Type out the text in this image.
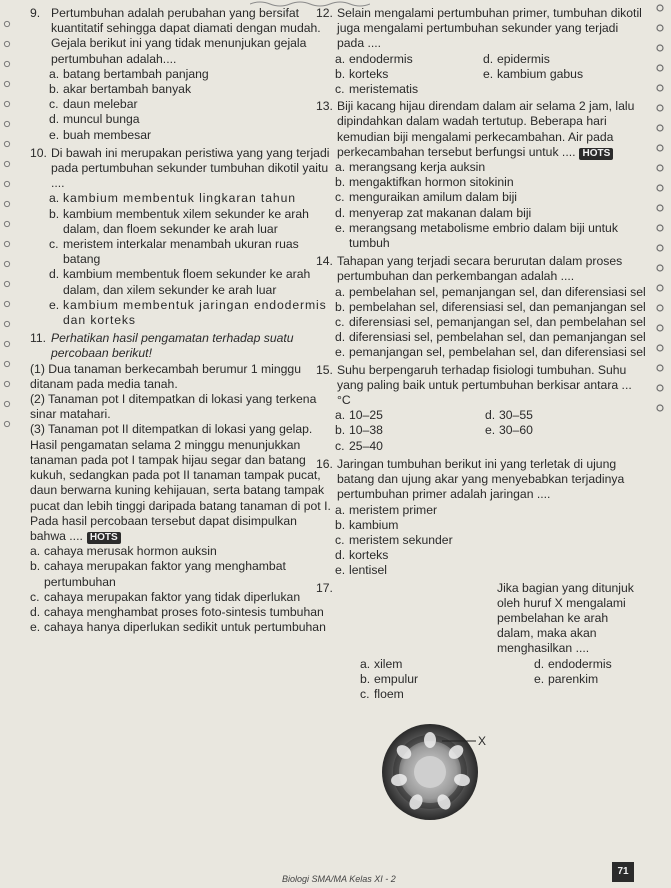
9. Pertumbuhan adalah perubahan yang bersifat kuantitatif sehingga dapat diamati dengan mudah. Gejala berikut ini yang tidak menunjukan gejala pertumbuhan adalah....
a. batang bertambah panjang
b. akar bertambah banyak
c. daun melebar
d. muncul bunga
e. buah membesar
10. Di bawah ini merupakan peristiwa yang yang terjadi pada pertumbuhan sekunder tumbuhan dikotil yaitu ....
a. kambium membentuk lingkaran tahun
b. kambium membentuk xilem sekunder ke arah dalam, dan floem sekunder ke arah luar
c. meristem interkalar menambah ukuran ruas batang
d. kambium membentuk floem sekunder ke arah dalam, dan xilem sekunder ke arah luar
e. kambium membentuk jaringan endodermis dan korteks
11. Perhatikan hasil pengamatan terhadap suatu percobaan berikut!
(1) Dua tanaman berkecambah berumur 1 minggu ditanam pada media tanah.
(2) Tanaman pot I ditempatkan di lokasi yang terkena sinar matahari.
(3) Tanaman pot II ditempatkan di lokasi yang gelap.
Hasil pengamatan selama 2 minggu menunjukkan tanaman pada pot I tampak hijau segar dan batang kukuh, sedangkan pada pot II tanaman tampak pucat, daun berwarna kuning kehijauan, serta batang tampak pucat dan lebih tinggi daripada batang tanaman di pot I. Pada hasil percobaan tersebut dapat disimpulkan bahwa .... HOTS
a. cahaya merusak hormon auksin
b. cahaya merupakan faktor yang menghambat pertumbuhan
c. cahaya merupakan faktor yang tidak diperlukan
d. cahaya menghambat proses foto-sintesis tumbuhan
e. cahaya hanya diperlukan sedikit untuk pertumbuhan
12. Selain mengalami pertumbuhan primer, tumbuhan dikotil juga mengalami pertumbuhan sekunder yang terjadi pada ....
a. endodermis	d. epidermis
b. korteks	e. kambium gabus
c. meristematis
13. Biji kacang hijau direndam dalam air selama 2 jam, lalu dipindahkan dalam wadah tertutup. Beberapa hari kemudian biji mengalami perkecambahan. Air pada perkecambahan tersebut berfungsi untuk .... HOTS
a. merangsang kerja auksin
b. mengaktifkan hormon sitokinin
c. menguraikan amilum dalam biji
d. menyerap zat makanan dalam biji
e. merangsang metabolisme embrio dalam biji untuk tumbuh
14. Tahapan yang terjadi secara berurutan dalam proses pertumbuhan dan perkembangan adalah ....
a. pembelahan sel, pemanjangan sel, dan diferensiasi sel
b. pembelahan sel, diferensiasi sel, dan pemanjangan sel
c. diferensiasi sel, pemanjangan sel, dan pembelahan sel
d. diferensiasi sel, pembelahan sel, dan pemanjangan sel
e. pemanjangan sel, pembelahan sel, dan diferensiasi sel
15. Suhu berpengaruh terhadap fisiologi tumbuhan. Suhu yang paling baik untuk pertumbuhan berkisar antara ... °C
a. 10–25	d. 30–55
b. 10–38	e. 30–60
c. 25–40
16. Jaringan tumbuhan berikut ini yang terletak di ujung batang dan ujung akar yang menyebabkan terjadinya pertumbuhan primer adalah jaringan ....
a. meristem primer
b. kambium
c. meristem sekunder
d. korteks
e. lentisel
17.	Jika bagian yang ditunjuk oleh huruf X mengalami pembelahan ke arah dalam, maka akan menghasilkan ....
a. xilem	d. endodermis
b. empulur	e. parenkim
c. floem
X
Biologi SMA/MA Kelas XI - 2
71
